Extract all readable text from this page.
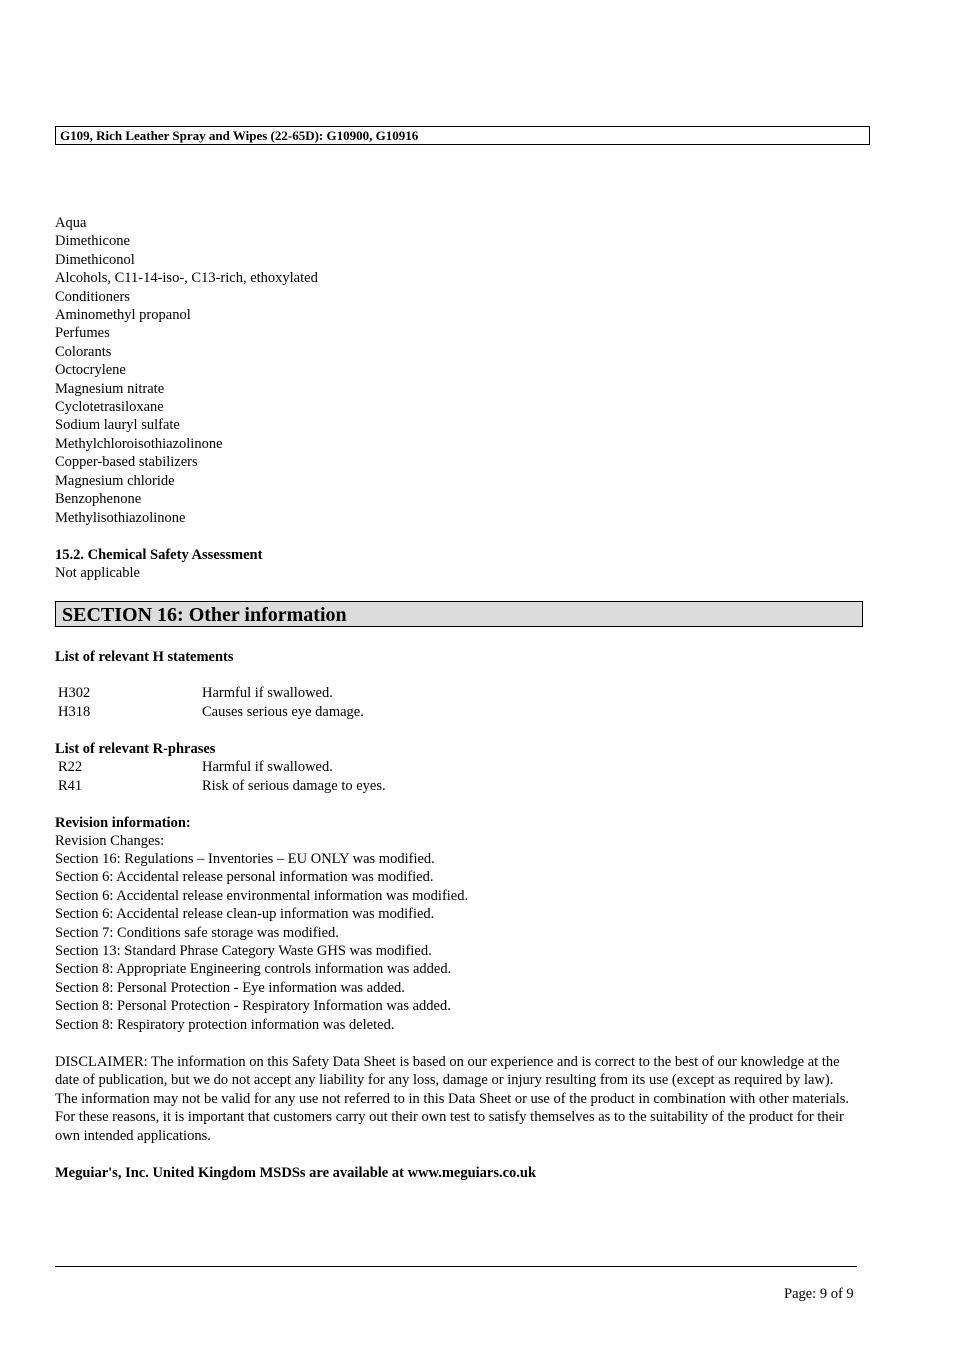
G109, Rich Leather Spray and Wipes (22-65D): G10900, G10916
Aqua
Dimethicone
Dimethiconol
Alcohols, C11-14-iso-, C13-rich, ethoxylated
Conditioners
Aminomethyl propanol
Perfumes
Colorants
Octocrylene
Magnesium nitrate
Cyclotetrasiloxane
Sodium lauryl sulfate
Methylchloroisothiazolinone
Copper-based stabilizers
Magnesium chloride
Benzophenone
Methylisothiazolinone
15.2. Chemical Safety Assessment
Not applicable
SECTION 16: Other information
List of relevant H statements
H302	Harmful if swallowed.
H318	Causes serious eye damage.
List of relevant R-phrases
R22	Harmful if swallowed.
R41	Risk of serious damage to eyes.
Revision information:
Revision Changes:
Section 16: Regulations – Inventories – EU ONLY was modified.
Section 6: Accidental release personal information was modified.
Section 6: Accidental release environmental information was modified.
Section 6: Accidental release clean-up information was modified.
Section 7: Conditions safe storage was modified.
Section 13: Standard Phrase Category Waste GHS was modified.
Section 8: Appropriate Engineering controls information was added.
Section 8: Personal Protection - Eye information was added.
Section 8: Personal Protection - Respiratory Information was added.
Section 8: Respiratory protection information was deleted.
DISCLAIMER: The information on this Safety Data Sheet is based on our experience and is correct to the best of our knowledge at the date of publication, but we do not accept any liability for any loss, damage or injury resulting from its use (except as required by law). The information may not be valid for any use not referred to in this Data Sheet or use of the product in combination with other materials. For these reasons, it is important that customers carry out their own test to satisfy themselves as to the suitability of the product for their own intended applications.
Meguiar's, Inc. United Kingdom MSDSs are available at www.meguiars.co.uk
Page: 9 of 9
